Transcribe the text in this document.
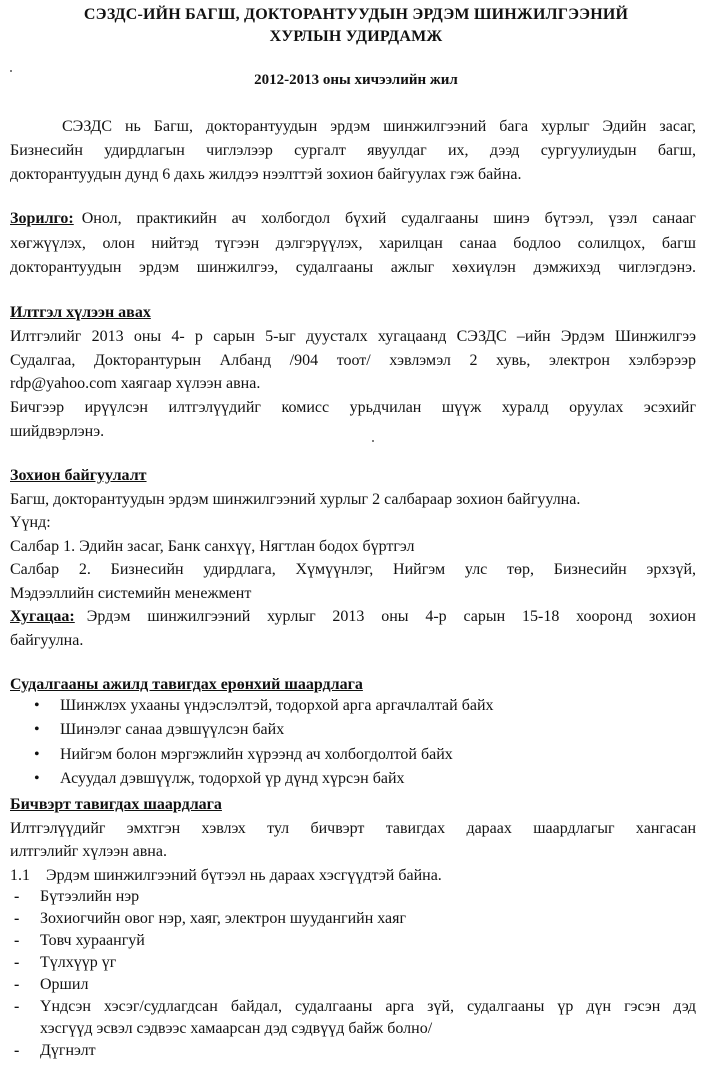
СЭЗДС-ИЙН БАГШ, ДОКТОРАНТУУДЫН ЭРДЭМ ШИНЖИЛГЭЭНИЙ
ХУРЛЫН УДИРДАМЖ
2012-2013 оны хичээлийн жил
СЭЗДС нь Багш, докторантуудын эрдэм шинжилгээний бага хурлыг Эдийн засаг,
Бизнесийн удирдлагын чиглэлээр сургалт явуулдаг их, дээд сургуулиудын багш,
докторантуудын дунд 6 дахь жилдээ нээлттэй зохион байгуулах гэж байна.
Зорилго: Онол, практикийн ач холбогдол бүхий судалгааны шинэ бүтээл, үзэл санааг
хөгжүүлэх, олон нийтэд түгээн дэлгэрүүлэх, харилцан санаа бодлоо солилцох, багш
докторантуудын эрдэм шинжилгээ, судалгааны ажлыг хөхиүлэн дэмжихэд чиглэгдэнэ.
Илтгэл хүлээн авах
Илтгэлийг 2013 оны 4- р сарын 5-ыг дуусталх хугацаанд СЭЗДС –ийн Эрдэм Шинжилгээ
Судалгаа, Докторантурын Албанд /904 тоот/ хэвлэмэл 2 хувь, электрон хэлбэрээр
rdp@yahoo.com хаягаар хүлээн авна.
Бичгээр ирүүлсэн илтгэлүүдийг комисс урьдчилан шүүж хуралд оруулах эсэхийг
шийдвэрлэнэ.
Зохион байгуулалт
Багш, докторантуудын эрдэм шинжилгээний хурлыг 2 салбараар зохион байгуулна.
Үүнд:
Салбар 1. Эдийн засаг, Банк санхүү, Нягтлан бодох бүртгэл
Салбар 2. Бизнесийн удирдлага, Хүмүүнлэг, Нийгэм улс төр, Бизнесийн эрхзүй,
Мэдээллийн системийн менежмент
Хугацаа: Эрдэм шинжилгээний хурлыг 2013 оны 4-р сарын 15-18 хооронд зохион
байгуулна.
Судалгааны ажилд тавигдах ерөнхий шаардлага
• Шинжлэх ухааны үндэслэлтэй, тодорхой арга аргачлалтай байх
• Шинэлэг санаа дэвшүүлсэн байх
• Нийгэм болон мэргэжлийн хүрээнд ач холбогдолтой байх
• Асуудал дэвшүүлж, тодорхой үр дүнд хүрсэн байх
Бичвэрт тавигдах шаардлага
Илтгэлүүдийг эмхтгэн хэвлэх тул бичвэрт тавигдах дараах шаардлагыг хангасан
илтгэлийг хүлээн авна.
1.1 Эрдэм шинжилгээний бүтээл нь дараах хэсгүүдтэй байна.
- Бүтээлийн нэр
- Зохиогчийн овог нэр, хаяг, электрон шуудангийн хаяг
- Товч хураангуй
- Түлхүүр үг
- Оршил
- Үндсэн хэсэг/судлагдсан байдал, судалгааны арга зүй, судалгааны үр дүн гэсэн дэд
хэсгүүд эсвэл сэдвээс хамаарсан дэд сэдвүүд байж болно/
- Дүгнэлт
